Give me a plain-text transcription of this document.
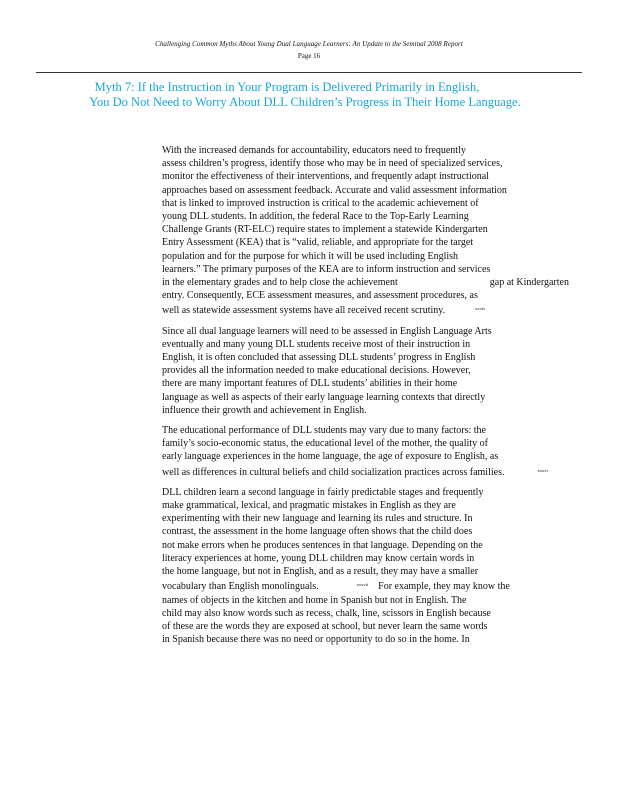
Challenging Common Myths About Young Dual Language Learners: An Update to the Seminal 2008 Report
Page 16
Myth 7: If the Instruction in Your Program is Delivered Primarily in English,
You Do Not Need to Worry About DLL Children’s Progress in Their Home Language.
With the increased demands for accountability, educators need to frequently
assess children’s progress, identify those who may be in need of specialized services,
monitor the effectiveness of their interventions, and frequently adapt instructional
approaches based on assessment feedback. Accurate and valid assessment information
that is linked to improved instruction is critical to the academic achievement of
young DLL students. In addition, the federal Race to the Top-Early Learning
Challenge Grants (RT-ELC) require states to implement a statewide Kindergarten
Entry Assessment (KEA) that is “valid, reliable, and appropriate for the target
population and for the purpose for which it will be used including English
learners.” The primary purposes of the KEA are to inform instruction and services
in the elementary grades and to help close the achievement	gap at Kindergarten
entry. Consequently, ECE assessment measures, and assessment procedures, as
well as statewide assessment systems have all received recent scrutiny.	$^{xxxiv}$
Since all dual language learners will need to be assessed in English Language Arts
eventually and many young DLL students receive most of their instruction in
English, it is often concluded that assessing DLL students’ progress in English
provides all the information needed to make educational decisions. However,
there are many important features of DLL students’ abilities in their home
language as well as aspects of their early language learning contexts that directly
influence their growth and achievement in English.
The educational performance of DLL students may vary due to many factors: the
family’s socio-economic status, the educational level of the mother, the quality of
early language experiences in the home language, the age of exposure to English, as
well as differences in cultural beliefs and child socialization practices across families.	$^{xxxvi}$
DLL children learn a second language in fairly predictable stages and frequently
make grammatical, lexical, and pragmatic mistakes in English as they are
experimenting with their new language and learning its rules and structure. In
contrast, the assessment in the home language often shows that the child does
not make errors when he produces sentences in that language. Depending on the
literacy experiences at home, young DLL children may know certain words in
the home language, but not in English, and as a result, they may have a smaller
vocabulary than English monolinguals.	$^{xxxvii}$ For example, they may know the
names of objects in the kitchen and home in Spanish but not in English. The
child may also know words such as recess, chalk, line, scissors in English because
of these are the words they are exposed at school, but never learn the same words
in Spanish because there was no need or opportunity to do so in the home. In
